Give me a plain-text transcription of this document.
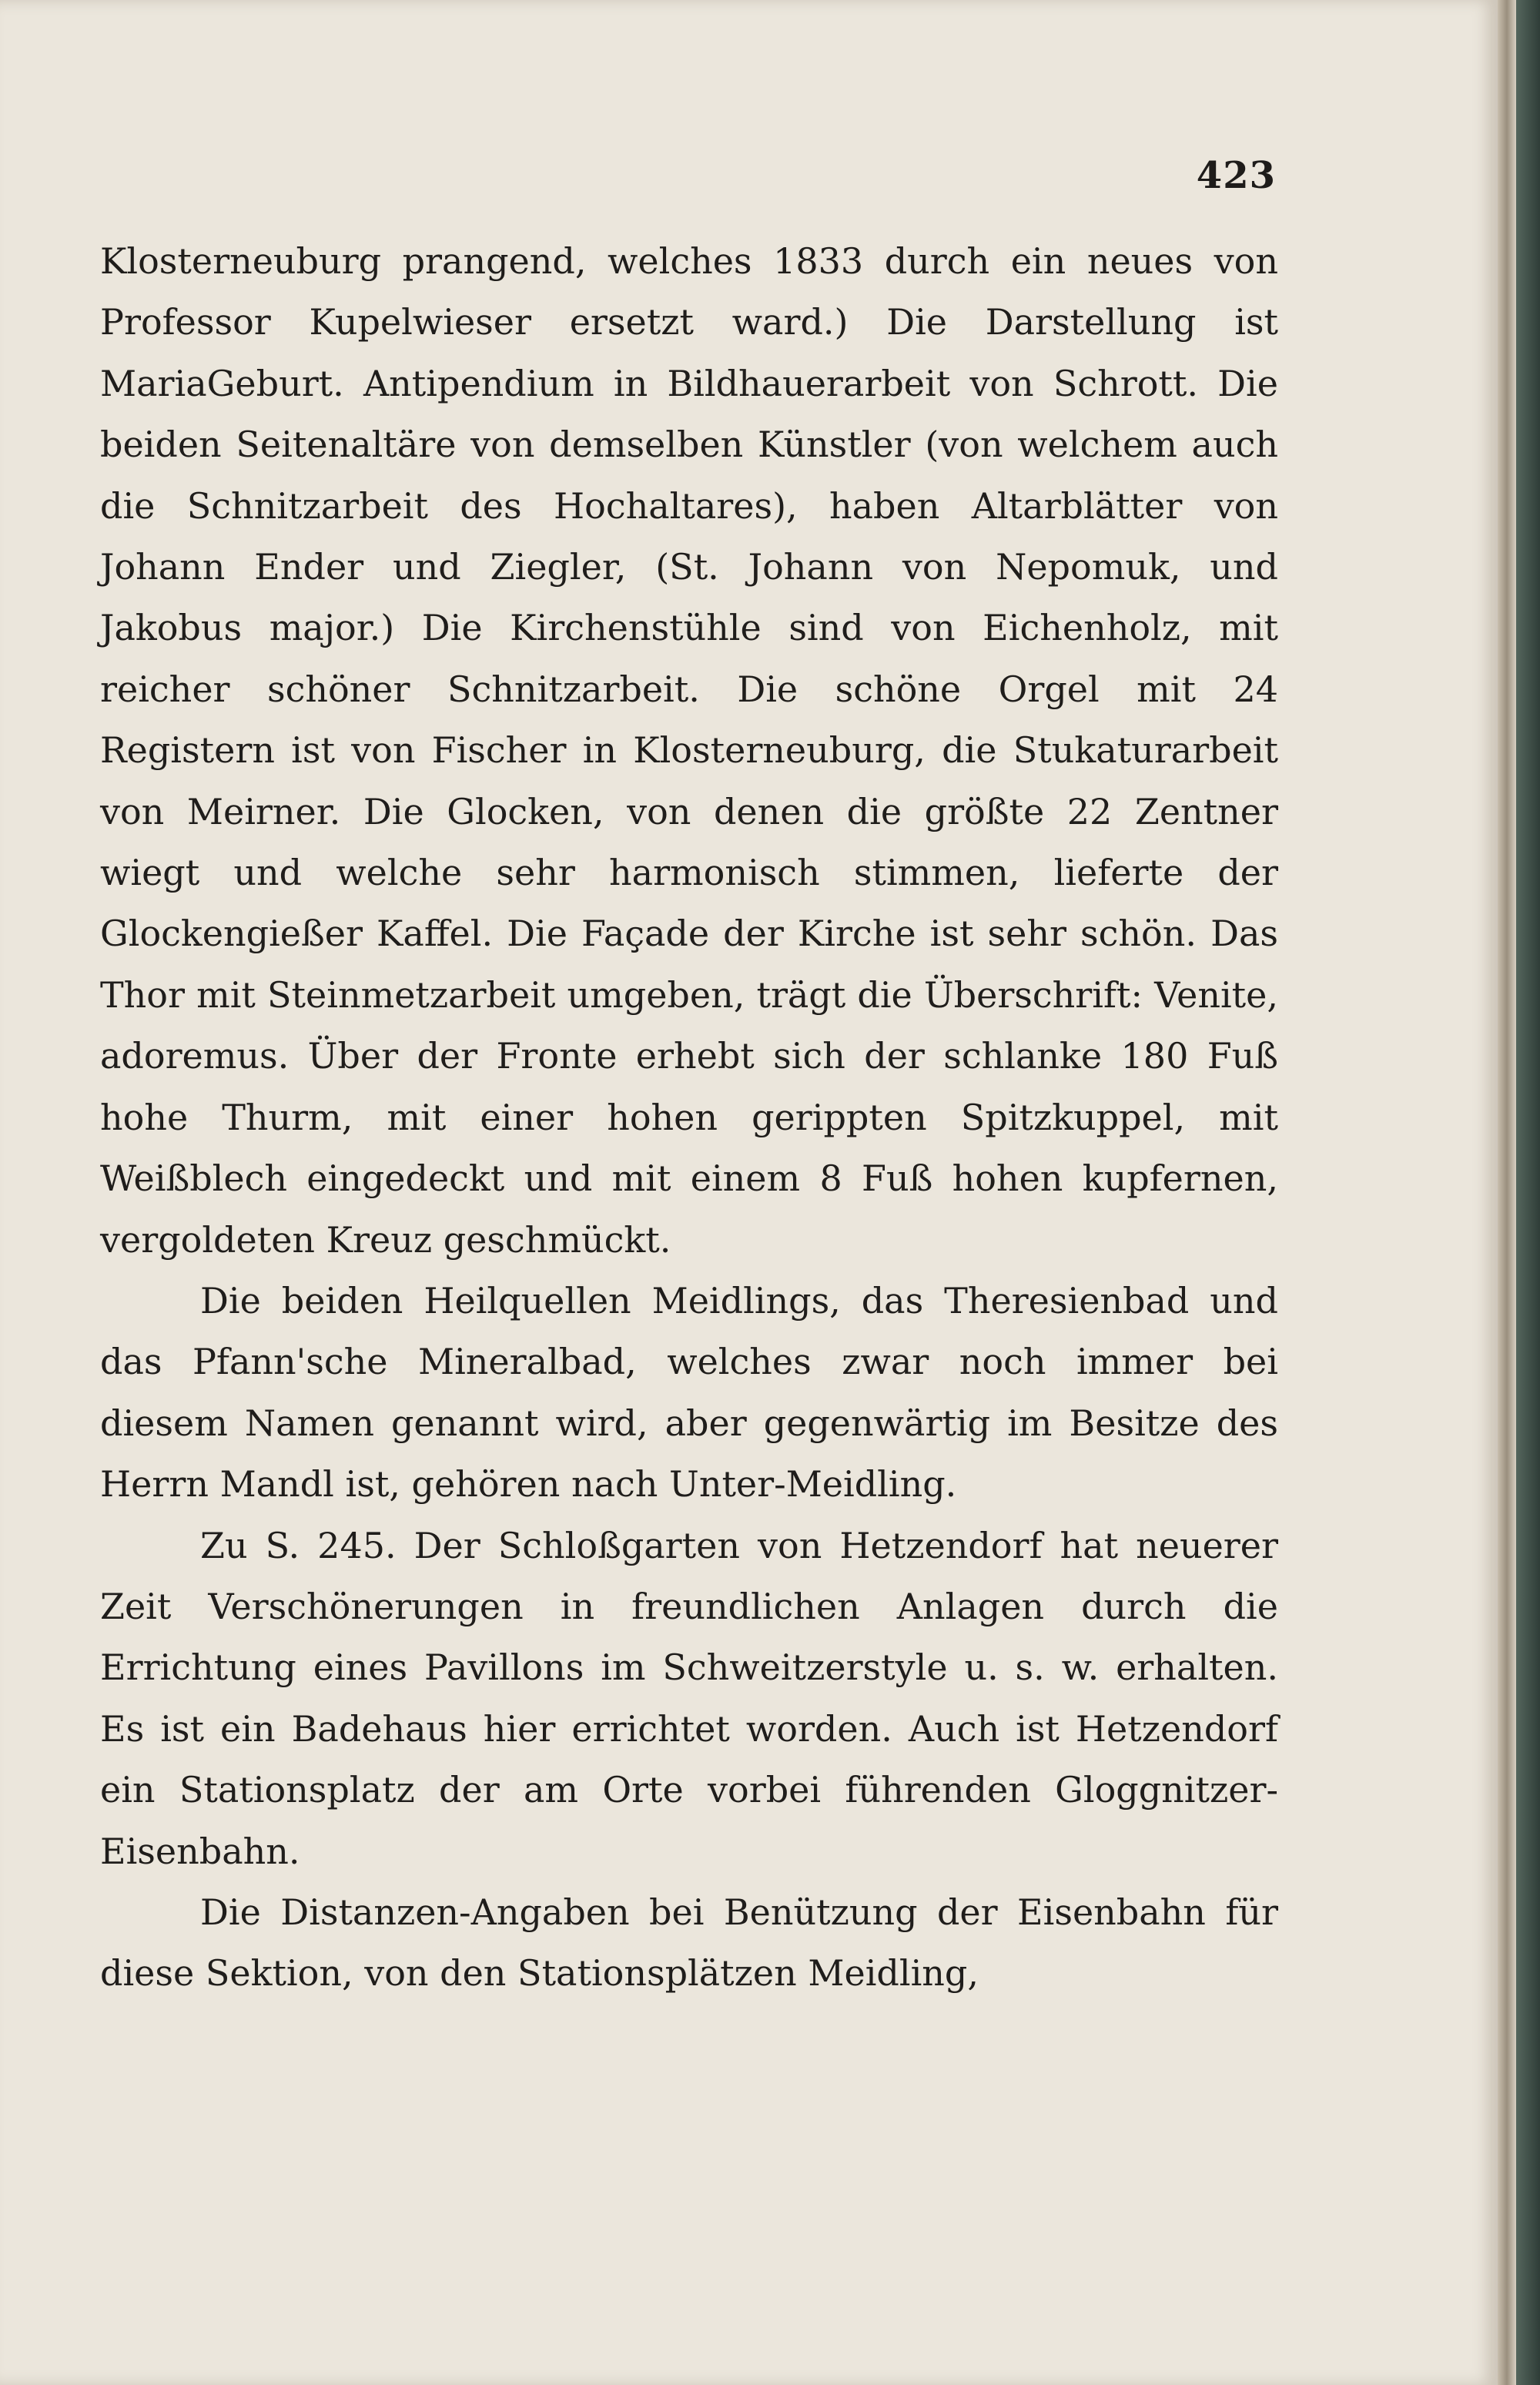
423

Klosterneuburg prangend, welches 1833 durch ein neues von Professor Kupelwieser ersetzt ward.) Die Darstellung ist MariaGeburt. Antipendium in Bildhauerarbeit von Schrott. Die beiden Seitenaltäre von demselben Künstler (von welchem auch die Schnitzarbeit des Hochaltares), haben Altarblätter von Johann Ender und Ziegler, (St. Johann von Nepomuk, und Jakobus major.) Die Kirchenstühle sind von Eichenholz, mit reicher schöner Schnitzarbeit. Die schöne Orgel mit 24 Registern ist von Fischer in Klosterneuburg, die Stukaturarbeit von Meirner. Die Glocken, von denen die größte 22 Zentner wiegt und welche sehr harmonisch stimmen, lieferte der Glockengießer Kaffel. Die Façade der Kirche ist sehr schön. Das Thor mit Steinmetzarbeit umgeben, trägt die Überschrift: Venite, adoremus. Über der Fronte erhebt sich der schlanke 180 Fuß hohe Thurm, mit einer hohen gerippten Spitzkuppel, mit Weißblech eingedeckt und mit einem 8 Fuß hohen kupfernen, vergoldeten Kreuz geschmückt.

Die beiden Heilquellen Meidlings, das Theresienbad und das Pfann'sche Mineralbad, welches zwar noch immer bei diesem Namen genannt wird, aber gegenwärtig im Besitze des Herrn Mandl ist, gehören nach Unter-Meidling.

Zu S. 245. Der Schloßgarten von Hetzendorf hat neuerer Zeit Verschönerungen in freundlichen Anlagen durch die Errichtung eines Pavillons im Schweitzerstyle u. s. w. erhalten. Es ist ein Badehaus hier errichtet worden. Auch ist Hetzendorf ein Stationsplatz der am Orte vorbei führenden Gloggnitzer-Eisenbahn.

Die Distanzen-Angaben bei Benützung der Eisenbahn für diese Sektion, von den Stationsplätzen Meidling,
